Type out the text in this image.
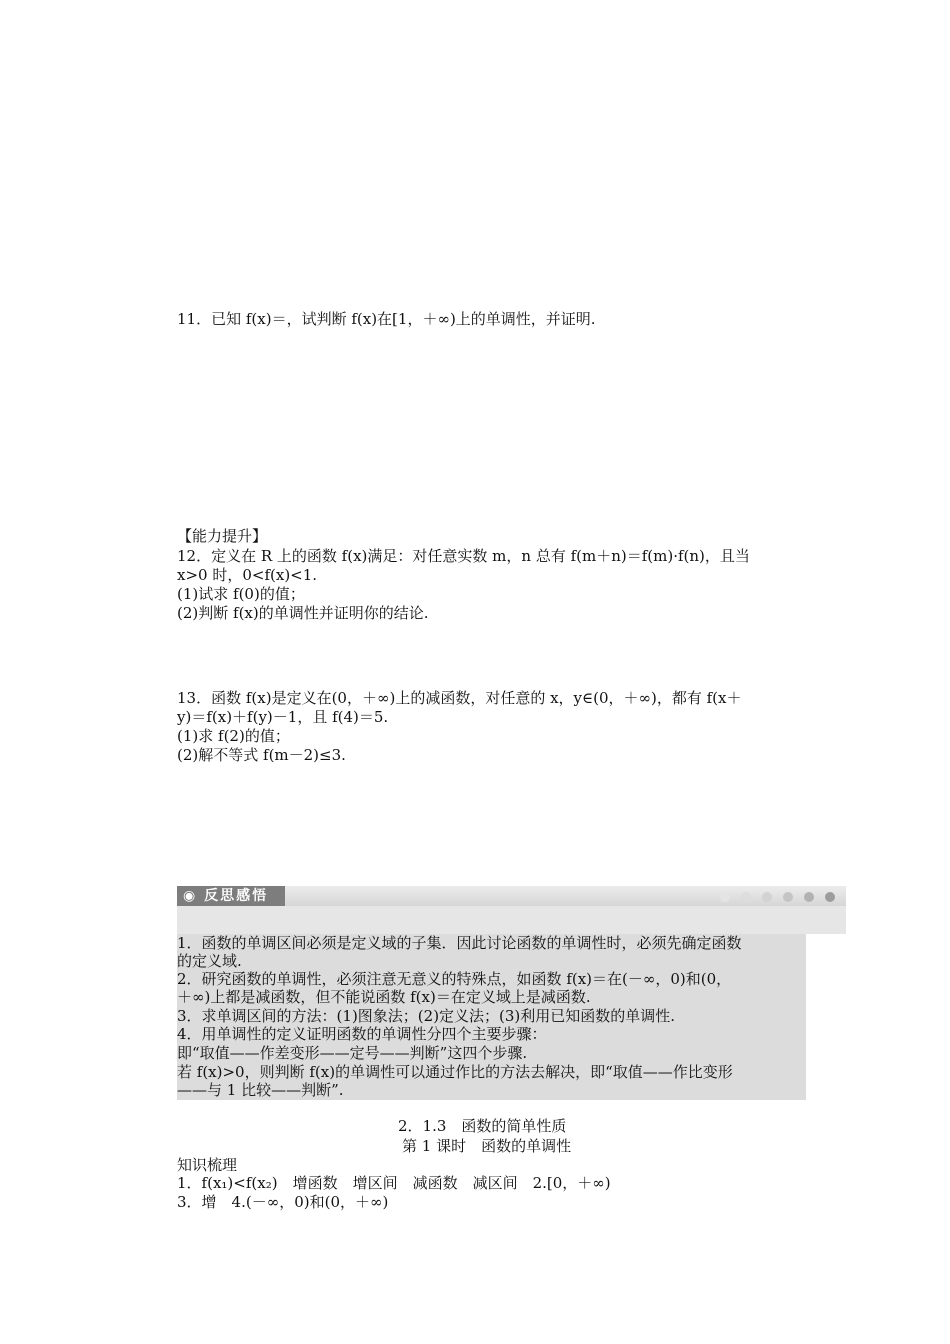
11．已知 f(x)＝，试判断 f(x)在[1，＋∞)上的单调性，并证明.
【能力提升】
12．定义在 R 上的函数 f(x)满足：对任意实数 m，n 总有 f(m＋n)＝f(m)·f(n)，且当
x>0 时，0<f(x)<1.
(1)试求 f(0)的值；
(2)判断 f(x)的单调性并证明你的结论.
13．函数 f(x)是定义在(0，＋∞)上的减函数，对任意的 x，y∈(0，＋∞)，都有 f(x＋
y)＝f(x)＋f(y)－1，且 f(4)＝5.
(1)求 f(2)的值；
(2)解不等式 f(m－2)≤3.
◉ 反思感悟
1．函数的单调区间必须是定义域的子集．因此讨论函数的单调性时，必须先确定函数
的定义域.
2．研究函数的单调性，必须注意无意义的特殊点，如函数 f(x)＝在(－∞，0)和(0，
＋∞)上都是减函数，但不能说函数 f(x)＝在定义域上是减函数.
3．求单调区间的方法：(1)图象法；(2)定义法；(3)利用已知函数的单调性.
4．用单调性的定义证明函数的单调性分四个主要步骤：
即“取值——作差变形——定号——判断”这四个步骤.
若 f(x)>0，则判断 f(x)的单调性可以通过作比的方法去解决，即“取值——作比变形
——与 1 比较——判断”.
2．1.3　函数的简单性质
第 1 课时　函数的单调性
知识梳理
1．f(x₁)<f(x₂)　增函数　增区间　减函数　减区间　2.[0，＋∞)
3．增　4.(－∞，0)和(0，＋∞)
